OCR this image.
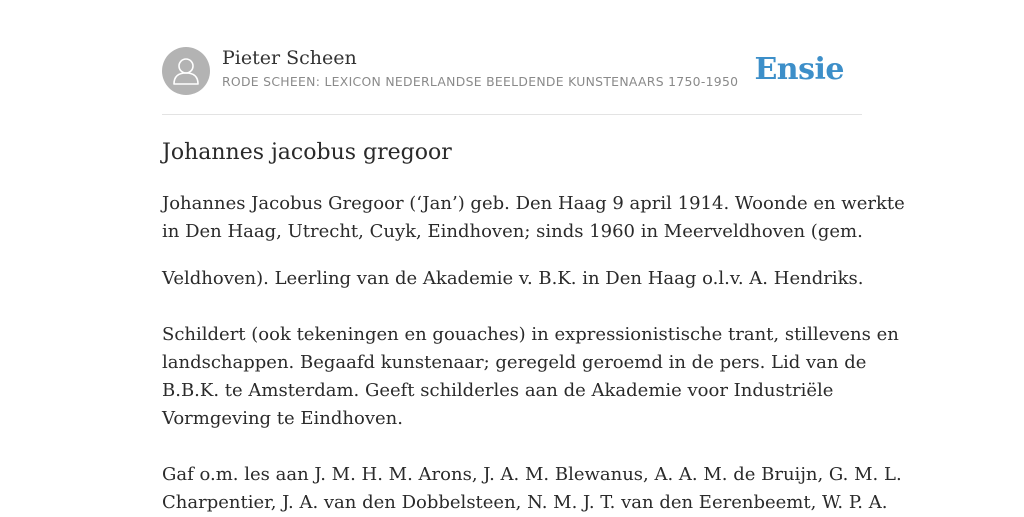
Pieter Scheen
RODE SCHEEN: LEXICON NEDERLANDSE BEELDENDE KUNSTENAARS 1750-1950 Ensie
Johannes jacobus gregoor

Johannes Jacobus Gregoor (‘Jan’) geb. Den Haag 9 april 1914. Woonde en werkte

in Den Haag, Utrecht, Cuyk, Eindhoven; sinds 1960 in Meerveldhoven (gem.

Veldhoven). Leerling van de Akademie v. B.K. in Den Haag o.l.v. A. Hendriks.

Schildert (ook tekeningen en gouaches) in expressionistische trant, stillevens en

landschappen. Begaafd kunstenaar; geregeld geroemd in de pers. Lid van de

B.B.K. te Amsterdam. Geeft schilderles aan de Akademie voor Industriële

Vormgeving te Eindhoven.

Gaf o.m. les aan J. M. H. M. Arons, J. A. M. Blewanus, A. A. M. de Bruijn, G. M. L.

Charpentier, J. A. van den Dobbelsteen, N. M. J. T. van den Eerenbeemt, W. P. A.
